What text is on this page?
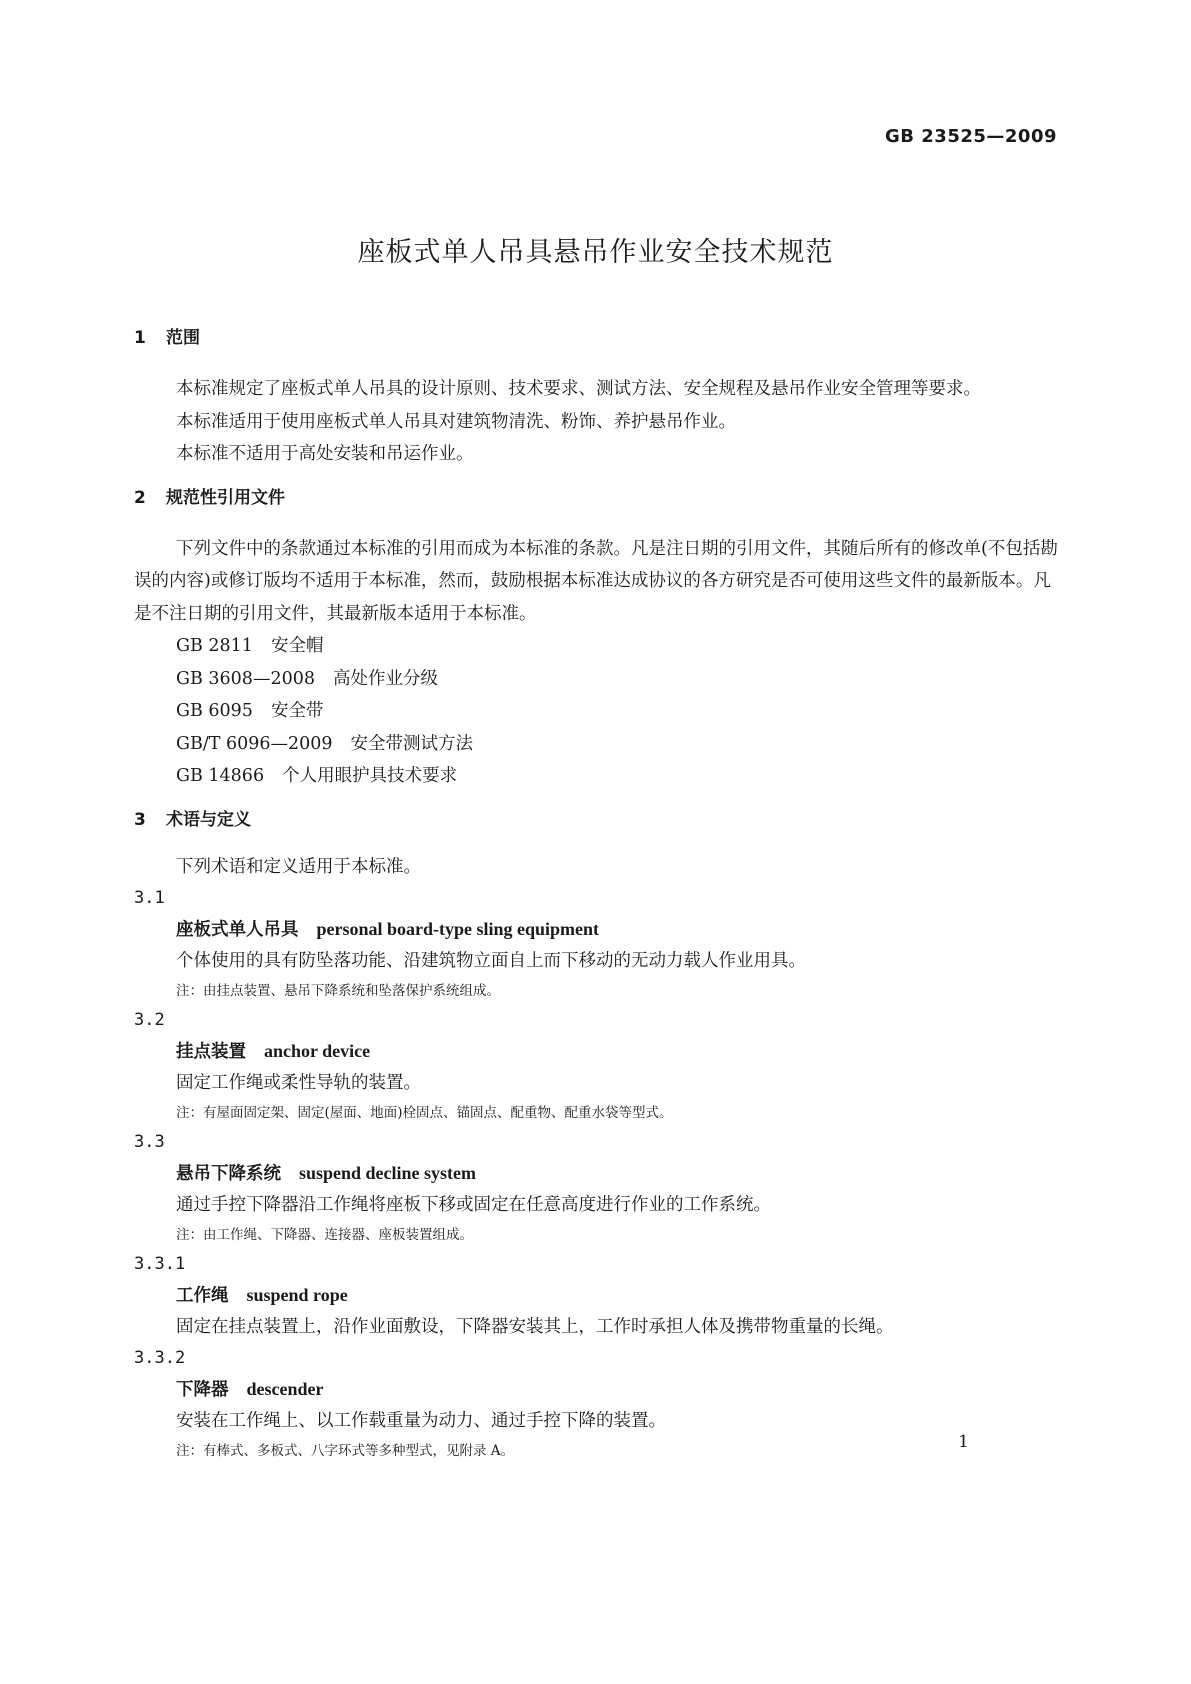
GB 23525—2009
座板式单人吊具悬吊作业安全技术规范
1 范围

本标准规定了座板式单人吊具的设计原则、技术要求、测试方法、安全规程及悬吊作业安全管理等要求。

本标准适用于使用座板式单人吊具对建筑物清洗、粉饰、养护悬吊作业。

本标准不适用于高处安装和吊运作业。

2 规范性引用文件

下列文件中的条款通过本标准的引用而成为本标准的条款。凡是注日期的引用文件，其随后所有的修改单(不包括勘误的内容)或修订版均不适用于本标准，然而，鼓励根据本标准达成协议的各方研究是否可使用这些文件的最新版本。凡是不注日期的引用文件，其最新版本适用于本标准。

GB 2811 安全帽

GB 3608—2008 高处作业分级

GB 6095 安全带

GB/T 6096—2009 安全带测试方法

GB 14866 个人用眼护具技术要求

3 术语与定义

下列术语和定义适用于本标准。

3.1
座板式单人吊具 personal board-type sling equipment
个体使用的具有防坠落功能、沿建筑物立面自上而下移动的无动力载人作业用具。
注：由挂点装置、悬吊下降系统和坠落保护系统组成。
3.2
挂点装置 anchor device
固定工作绳或柔性导轨的装置。
注：有屋面固定架、固定(屋面、地面)栓固点、锚固点、配重物、配重水袋等型式。
3.3
悬吊下降系统 suspend decline system
通过手控下降器沿工作绳将座板下移或固定在任意高度进行作业的工作系统。
注：由工作绳、下降器、连接器、座板装置组成。
3.3.1
工作绳 suspend rope
固定在挂点装置上，沿作业面敷设，下降器安装其上，工作时承担人体及携带物重量的长绳。
3.3.2
下降器 descender
安装在工作绳上、以工作载重量为动力、通过手控下降的装置。
注：有棒式、多板式、八字环式等多种型式，见附录 A。	1
